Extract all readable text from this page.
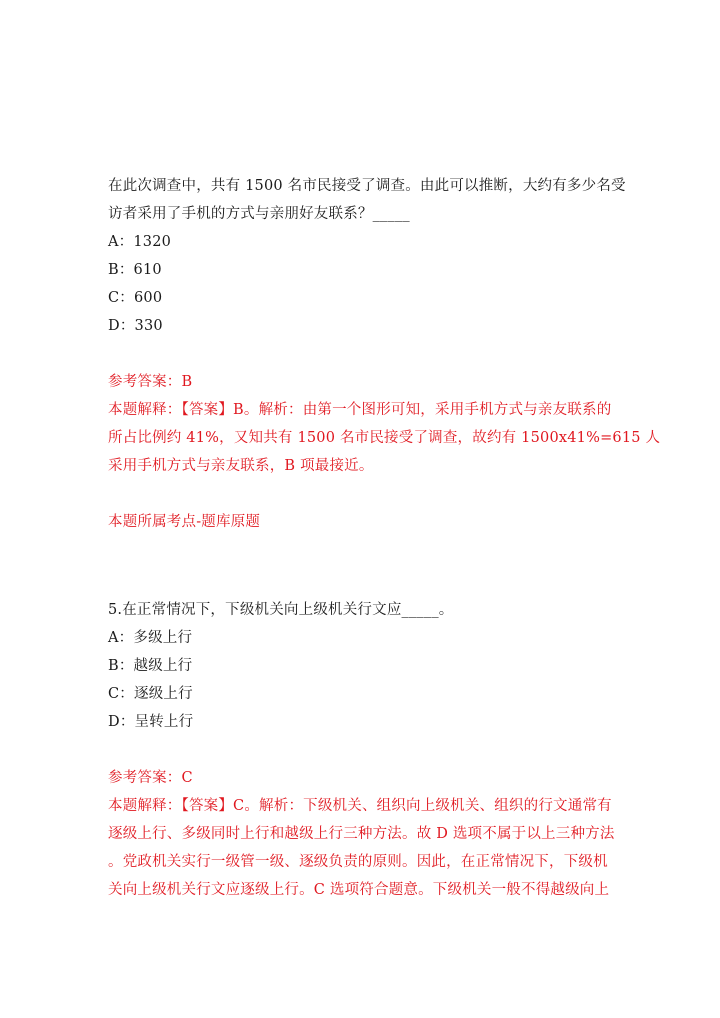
在此次调查中，共有 1500 名市民接受了调查。由此可以推断，大约有多少名受
访者采用了手机的方式与亲朋好友联系？_____
A：1320
B：610
C：600
D：330
参考答案：B
本题解释：【答案】B。解析：由第一个图形可知，采用手机方式与亲友联系的
所占比例约 41%，又知共有 1500 名市民接受了调查，故约有 1500x41%=615 人
采用手机方式与亲友联系，B 项最接近。
本题所属考点-题库原题
5.在正常情况下，下级机关向上级机关行文应_____。
A：多级上行
B：越级上行
C：逐级上行
D：呈转上行
参考答案：C
本题解释：【答案】C。解析：下级机关、组织向上级机关、组织的行文通常有
逐级上行、多级同时上行和越级上行三种方法。故 D 选项不属于以上三种方法
。党政机关实行一级管一级、逐级负责的原则。因此，在正常情况下，下级机
关向上级机关行文应逐级上行。C 选项符合题意。下级机关一般不得越级向上
